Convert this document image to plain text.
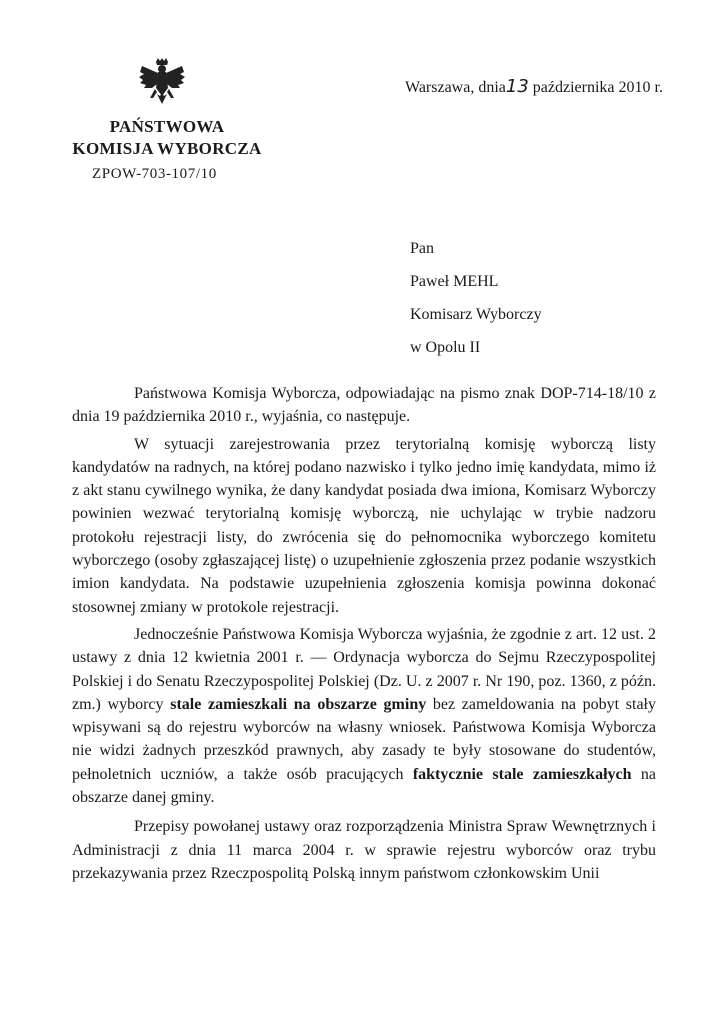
PAŃSTWOWA
KOMISJA WYBORCZA
ZPOW-703-107/10
Warszawa, dnia13 października 2010 r.
Pan
Paweł MEHL
Komisarz Wyborczy
w Opolu II

Państwowa Komisja Wyborcza, odpowiadając na pismo znak DOP-714-18/10 z dnia 19 października 2010 r., wyjaśnia, co następuje.

W sytuacji zarejestrowania przez terytorialną komisję wyborczą listy kandydatów na radnych, na której podano nazwisko i tylko jedno imię kandydata, mimo iż z akt stanu cywilnego wynika, że dany kandydat posiada dwa imiona, Komisarz Wyborczy powinien wezwać terytorialną komisję wyborczą, nie uchylając w trybie nadzoru protokołu rejestracji listy, do zwrócenia się do pełnomocnika wyborczego komitetu wyborczego (osoby zgłaszającej listę) o uzupełnienie zgłoszenia przez podanie wszystkich imion kandydata. Na podstawie uzupełnienia zgłoszenia komisja powinna dokonać stosownej zmiany w protokole rejestracji.

Jednocześnie Państwowa Komisja Wyborcza wyjaśnia, że zgodnie z art. 12 ust. 2 ustawy z dnia 12 kwietnia 2001 r. — Ordynacja wyborcza do Sejmu Rzeczypospolitej Polskiej i do Senatu Rzeczypospolitej Polskiej (Dz. U. z 2007 r. Nr 190, poz. 1360, z późn. zm.) wyborcy stale zamieszkali na obszarze gminy bez zameldowania na pobyt stały wpisywani są do rejestru wyborców na własny wniosek. Państwowa Komisja Wyborcza nie widzi żadnych przeszkód prawnych, aby zasady te były stosowane do studentów, pełnoletnich uczniów, a także osób pracujących faktycznie stale zamieszkałych na obszarze danej gminy.

Przepisy powołanej ustawy oraz rozporządzenia Ministra Spraw Wewnętrznych i Administracji z dnia 11 marca 2004 r. w sprawie rejestru wyborców oraz trybu przekazywania przez Rzeczpospolitą Polską innym państwom członkowskim Unii
